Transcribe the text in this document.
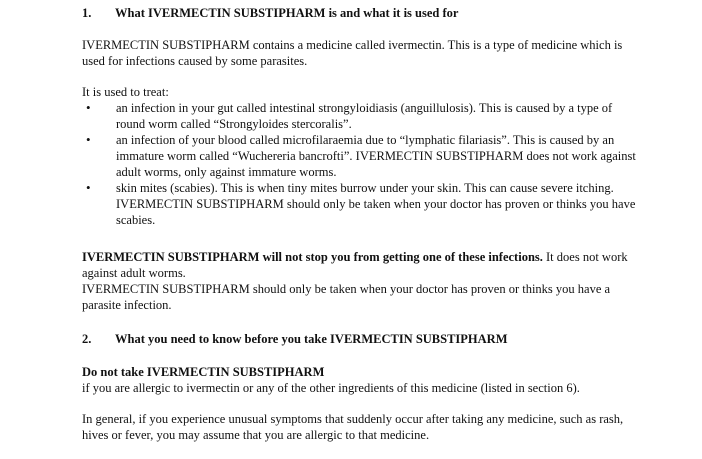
1. What IVERMECTIN SUBSTIPHARM is and what it is used for
IVERMECTIN SUBSTIPHARM contains a medicine called ivermectin. This is a type of medicine which is used for infections caused by some parasites.
It is used to treat:
• an infection in your gut called intestinal strongyloidiasis (anguillulosis). This is caused by a type of round worm called “Strongyloides stercoralis”.
• an infection of your blood called microfilaraemia due to “lymphatic filariasis”. This is caused by an immature worm called “Wuchereria bancrofti”. IVERMECTIN SUBSTIPHARM does not work against adult worms, only against immature worms.
• skin mites (scabies). This is when tiny mites burrow under your skin. This can cause severe itching. IVERMECTIN SUBSTIPHARM should only be taken when your doctor has proven or thinks you have scabies.
IVERMECTIN SUBSTIPHARM will not stop you from getting one of these infections. It does not work against adult worms.
IVERMECTIN SUBSTIPHARM should only be taken when your doctor has proven or thinks you have a parasite infection.
2. What you need to know before you take IVERMECTIN SUBSTIPHARM
Do not take IVERMECTIN SUBSTIPHARM
if you are allergic to ivermectin or any of the other ingredients of this medicine (listed in section 6).
In general, if you experience unusual symptoms that suddenly occur after taking any medicine, such as rash, hives or fever, you may assume that you are allergic to that medicine.
